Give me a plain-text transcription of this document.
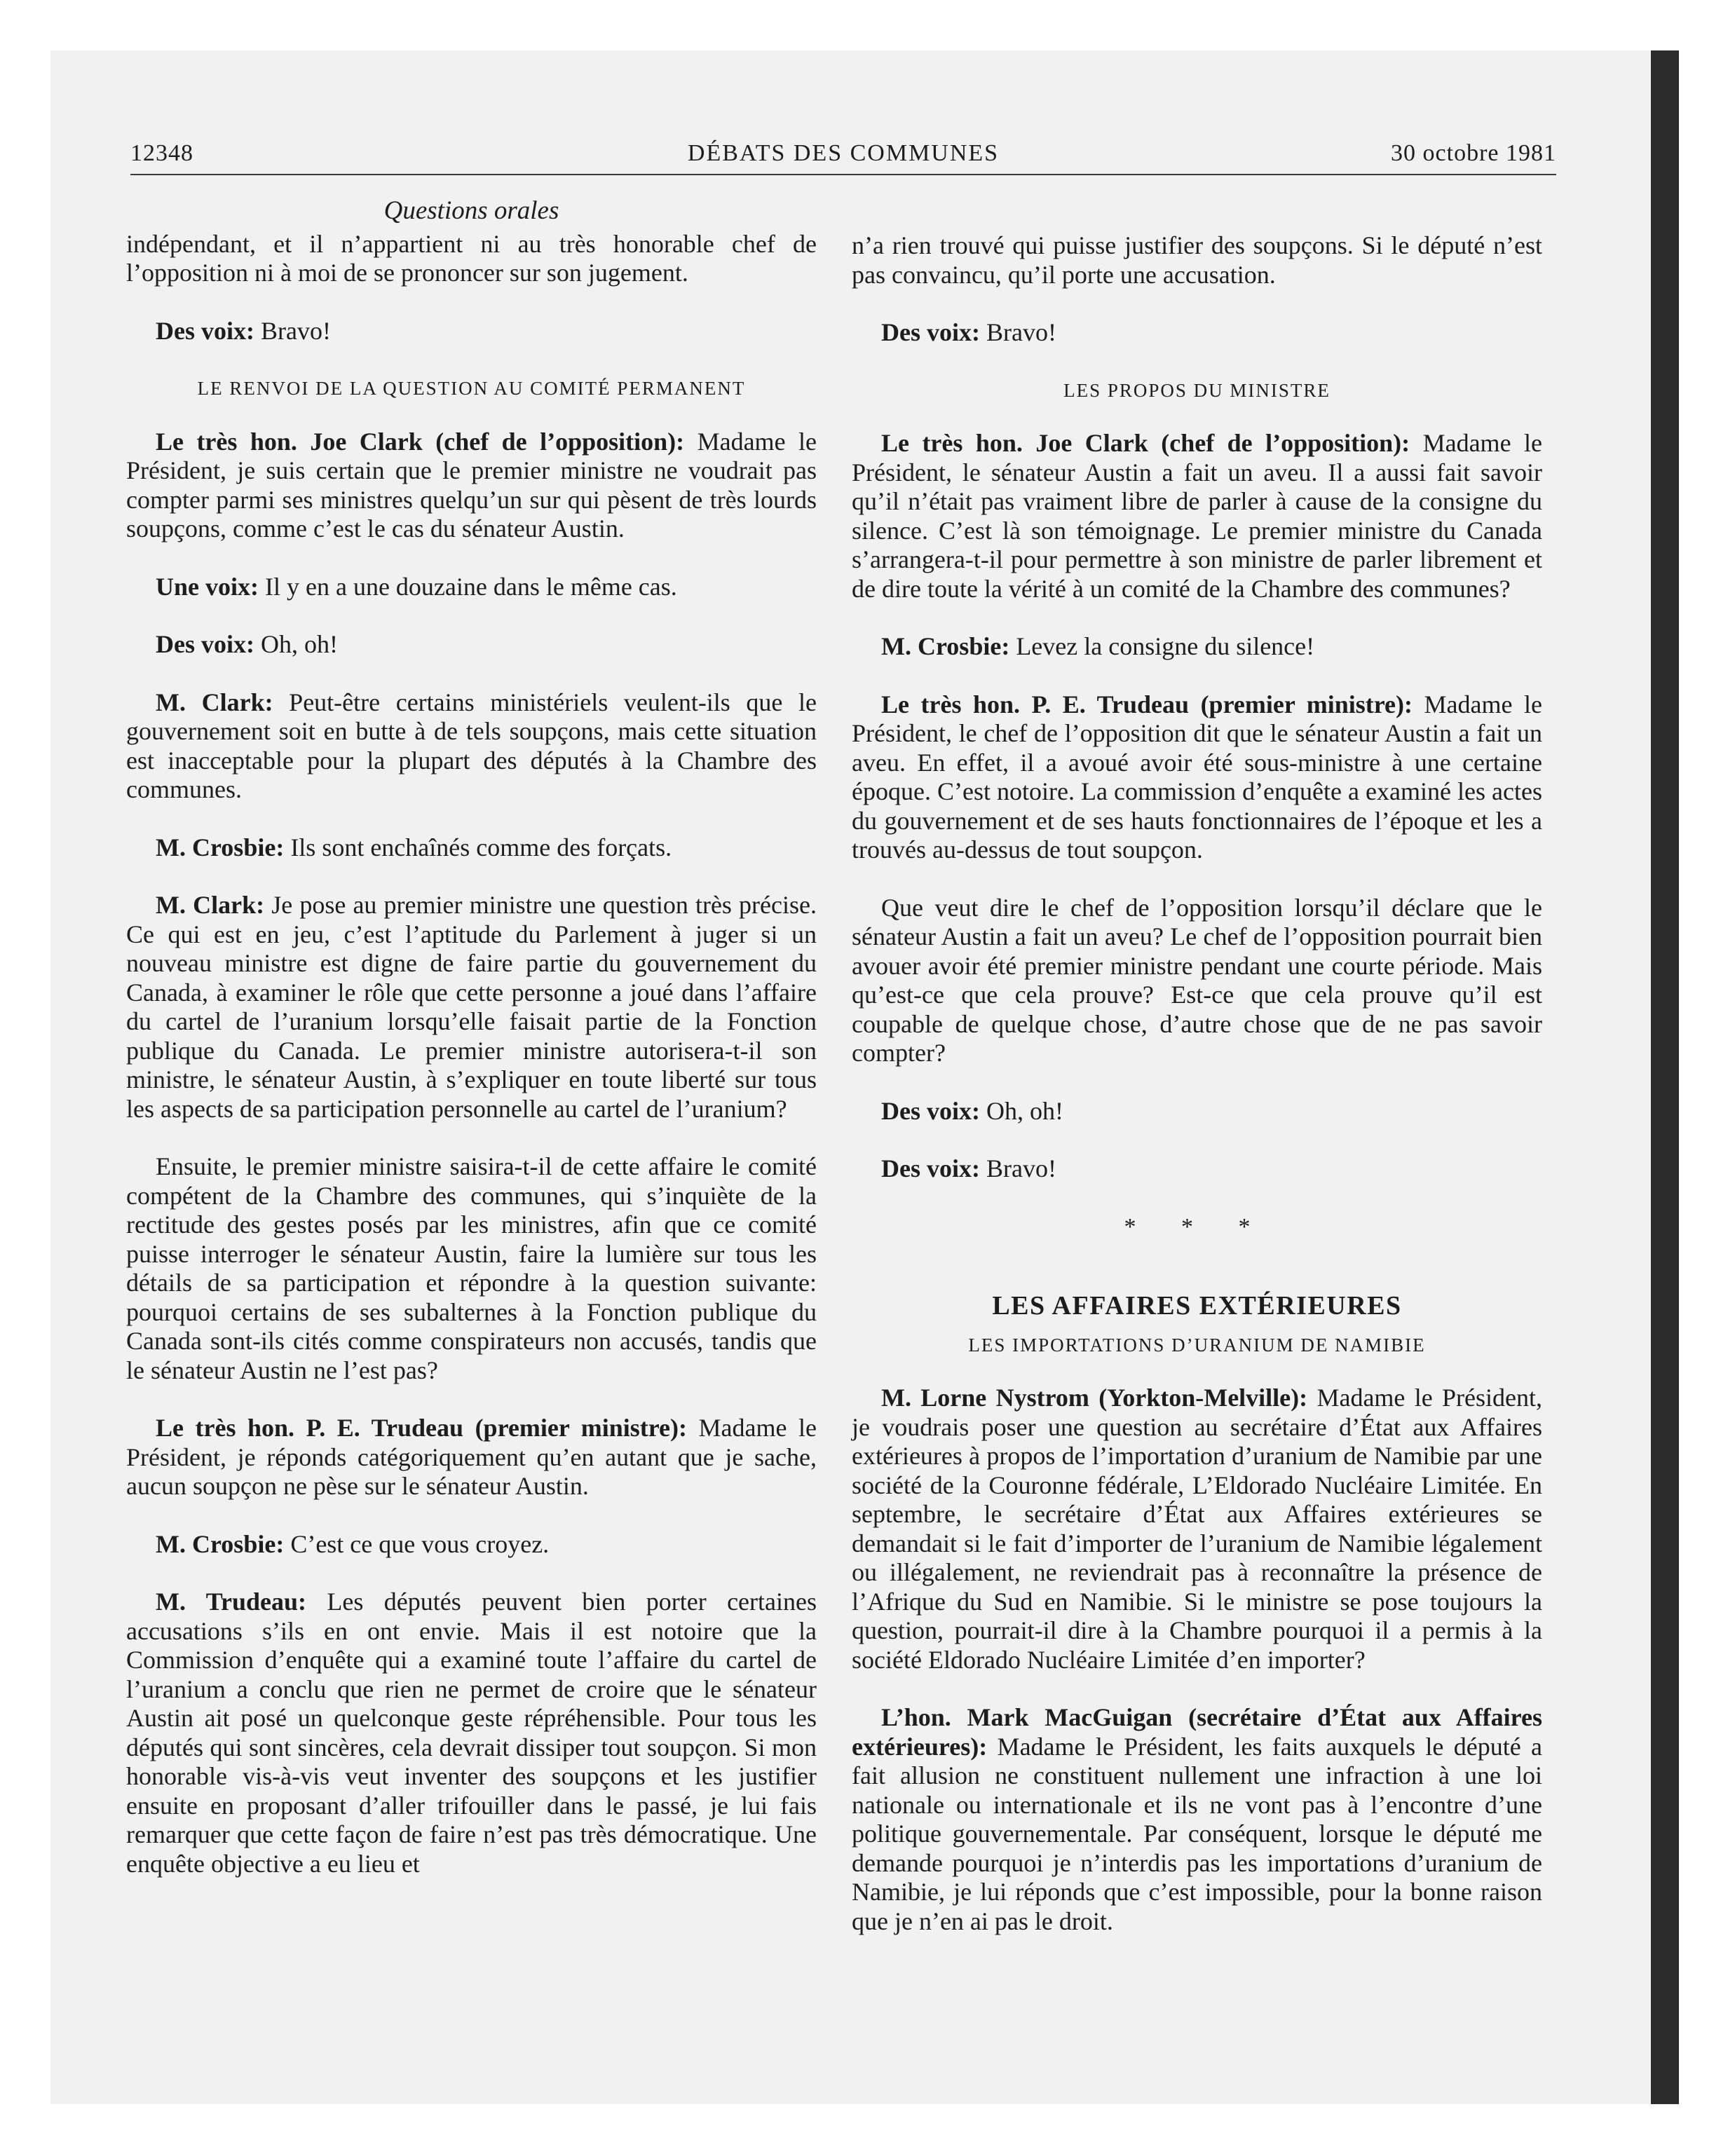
12348	DÉBATS DES COMMUNES	30 octobre 1981

Questions orales

indépendant, et il n’appartient ni au très honorable chef de l’opposition ni à moi de se prononcer sur son jugement.

Des voix: Bravo!

LE RENVOI DE LA QUESTION AU COMITÉ PERMANENT

Le très hon. Joe Clark (chef de l’opposition): Madame le Président, je suis certain que le premier ministre ne voudrait pas compter parmi ses ministres quelqu’un sur qui pèsent de très lourds soupçons, comme c’est le cas du sénateur Austin.

Une voix: Il y en a une douzaine dans le même cas.

Des voix: Oh, oh!

M. Clark: Peut-être certains ministériels veulent-ils que le gouvernement soit en butte à de tels soupçons, mais cette situation est inacceptable pour la plupart des députés à la Chambre des communes.

M. Crosbie: Ils sont enchaînés comme des forçats.

M. Clark: Je pose au premier ministre une question très précise. Ce qui est en jeu, c’est l’aptitude du Parlement à juger si un nouveau ministre est digne de faire partie du gouvernement du Canada, à examiner le rôle que cette personne a joué dans l’affaire du cartel de l’uranium lorsqu’elle faisait partie de la Fonction publique du Canada. Le premier ministre autorisera-t-il son ministre, le sénateur Austin, à s’expliquer en toute liberté sur tous les aspects de sa participation personnelle au cartel de l’uranium?

Ensuite, le premier ministre saisira-t-il de cette affaire le comité compétent de la Chambre des communes, qui s’inquiète de la rectitude des gestes posés par les ministres, afin que ce comité puisse interroger le sénateur Austin, faire la lumière sur tous les détails de sa participation et répondre à la question suivante: pourquoi certains de ses subalternes à la Fonction publique du Canada sont-ils cités comme conspirateurs non accusés, tandis que le sénateur Austin ne l’est pas?

Le très hon. P. E. Trudeau (premier ministre): Madame le Président, je réponds catégoriquement qu’en autant que je sache, aucun soupçon ne pèse sur le sénateur Austin.

M. Crosbie: C’est ce que vous croyez.

M. Trudeau: Les députés peuvent bien porter certaines accusations s’ils en ont envie. Mais il est notoire que la Commission d’enquête qui a examiné toute l’affaire du cartel de l’uranium a conclu que rien ne permet de croire que le sénateur Austin ait posé un quelconque geste répréhensible. Pour tous les députés qui sont sincères, cela devrait dissiper tout soupçon. Si mon honorable vis-à-vis veut inventer des soupçons et les justifier ensuite en proposant d’aller trifouiller dans le passé, je lui fais remarquer que cette façon de faire n’est pas très démocratique. Une enquête objective a eu lieu et

n’a rien trouvé qui puisse justifier des soupçons. Si le député n’est pas convaincu, qu’il porte une accusation.

Des voix: Bravo!

LES PROPOS DU MINISTRE

Le très hon. Joe Clark (chef de l’opposition): Madame le Président, le sénateur Austin a fait un aveu. Il a aussi fait savoir qu’il n’était pas vraiment libre de parler à cause de la consigne du silence. C’est là son témoignage. Le premier ministre du Canada s’arrangera-t-il pour permettre à son ministre de parler librement et de dire toute la vérité à un comité de la Chambre des communes?

M. Crosbie: Levez la consigne du silence!

Le très hon. P. E. Trudeau (premier ministre): Madame le Président, le chef de l’opposition dit que le sénateur Austin a fait un aveu. En effet, il a avoué avoir été sous-ministre à une certaine époque. C’est notoire. La commission d’enquête a examiné les actes du gouvernement et de ses hauts fonctionnaires de l’époque et les a trouvés au-dessus de tout soupçon.

Que veut dire le chef de l’opposition lorsqu’il déclare que le sénateur Austin a fait un aveu? Le chef de l’opposition pourrait bien avouer avoir été premier ministre pendant une courte période. Mais qu’est-ce que cela prouve? Est-ce que cela prouve qu’il est coupable de quelque chose, d’autre chose que de ne pas savoir compter?

Des voix: Oh, oh!

Des voix: Bravo!

* * *

LES AFFAIRES EXTÉRIEURES

LES IMPORTATIONS D’URANIUM DE NAMIBIE

M. Lorne Nystrom (Yorkton-Melville): Madame le Président, je voudrais poser une question au secrétaire d’État aux Affaires extérieures à propos de l’importation d’uranium de Namibie par une société de la Couronne fédérale, L’Eldorado Nucléaire Limitée. En septembre, le secrétaire d’État aux Affaires extérieures se demandait si le fait d’importer de l’uranium de Namibie légalement ou illégalement, ne reviendrait pas à reconnaître la présence de l’Afrique du Sud en Namibie. Si le ministre se pose toujours la question, pourrait-il dire à la Chambre pourquoi il a permis à la société Eldorado Nucléaire Limitée d’en importer?

L’hon. Mark MacGuigan (secrétaire d’État aux Affaires extérieures): Madame le Président, les faits auxquels le député a fait allusion ne constituent nullement une infraction à une loi nationale ou internationale et ils ne vont pas à l’encontre d’une politique gouvernementale. Par conséquent, lorsque le député me demande pourquoi je n’interdis pas les importations d’uranium de Namibie, je lui réponds que c’est impossible, pour la bonne raison que je n’en ai pas le droit.
